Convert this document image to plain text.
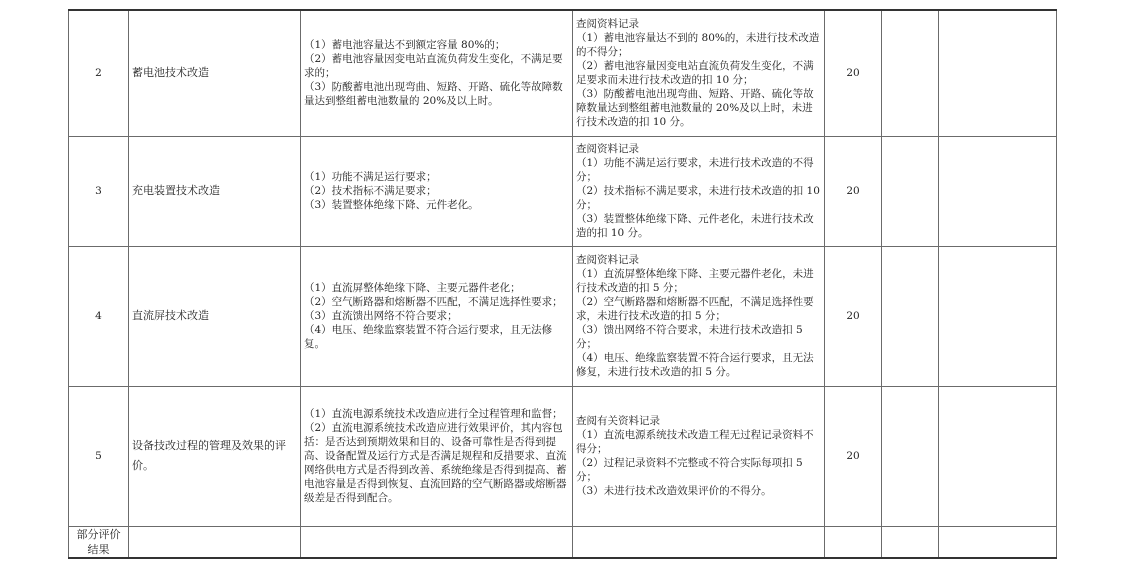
2	蓄电池技术改造	（1）蓄电池容量达不到额定容量 80%的；
（2）蓄电池容量因变电站直流负荷发生变化，不满足要求的；
（3）防酸蓄电池出现弯曲、短路、开路、硫化等故障数量达到整组蓄电池数量的 20%及以上时。	查阅资料记录
（1）蓄电池容量达不到的 80%的，未进行技术改造的不得分；
（2）蓄电池容量因变电站直流负荷发生变化，不满足要求而未进行技术改造的扣 10 分；
（3）防酸蓄电池出现弯曲、短路、开路、硫化等故障数量达到整组蓄电池数量的 20%及以上时，未进行技术改造的扣 10 分。	20		
3	充电装置技术改造	（1）功能不满足运行要求；
（2）技术指标不满足要求；
（3）装置整体绝缘下降、元件老化。	查阅资料记录
（1）功能不满足运行要求，未进行技术改造的不得分；
（2）技术指标不满足要求，未进行技术改造的扣 10 分；
（3）装置整体绝缘下降、元件老化，未进行技术改造的扣 10 分。	20		
4	直流屏技术改造	（1）直流屏整体绝缘下降、主要元器件老化；
（2）空气断路器和熔断器不匹配，不满足选择性要求；
（3）直流馈出网络不符合要求；
（4）电压、绝缘监察装置不符合运行要求，且无法修复。	查阅资料记录
（1）直流屏整体绝缘下降、主要元器件老化，未进行技术改造的扣 5 分；
（2）空气断路器和熔断器不匹配，不满足选择性要求，未进行技术改造的扣 5 分；
（3）馈出网络不符合要求，未进行技术改造扣 5 分；
（4）电压、绝缘监察装置不符合运行要求，且无法修复，未进行技术改造的扣 5 分。	20		
5	设备技改过程的管理及效果的评价。	（1）直流电源系统技术改造应进行全过程管理和监督；
（2）直流电源系统技术改造应进行效果评价，其内容包括：是否达到预期效果和目的、设备可靠性是否得到提高、设备配置及运行方式是否满足规程和反措要求、直流网络供电方式是否得到改善、系统绝缘是否得到提高、蓄电池容量是否得到恢复、直流回路的空气断路器或熔断器级差是否得到配合。	查阅有关资料记录
（1）直流电源系统技术改造工程无过程记录资料不得分；
（2）过程记录资料不完整或不符合实际每项扣 5 分；
（3）未进行技术改造效果评价的不得分。	20		
部分评价结果						
